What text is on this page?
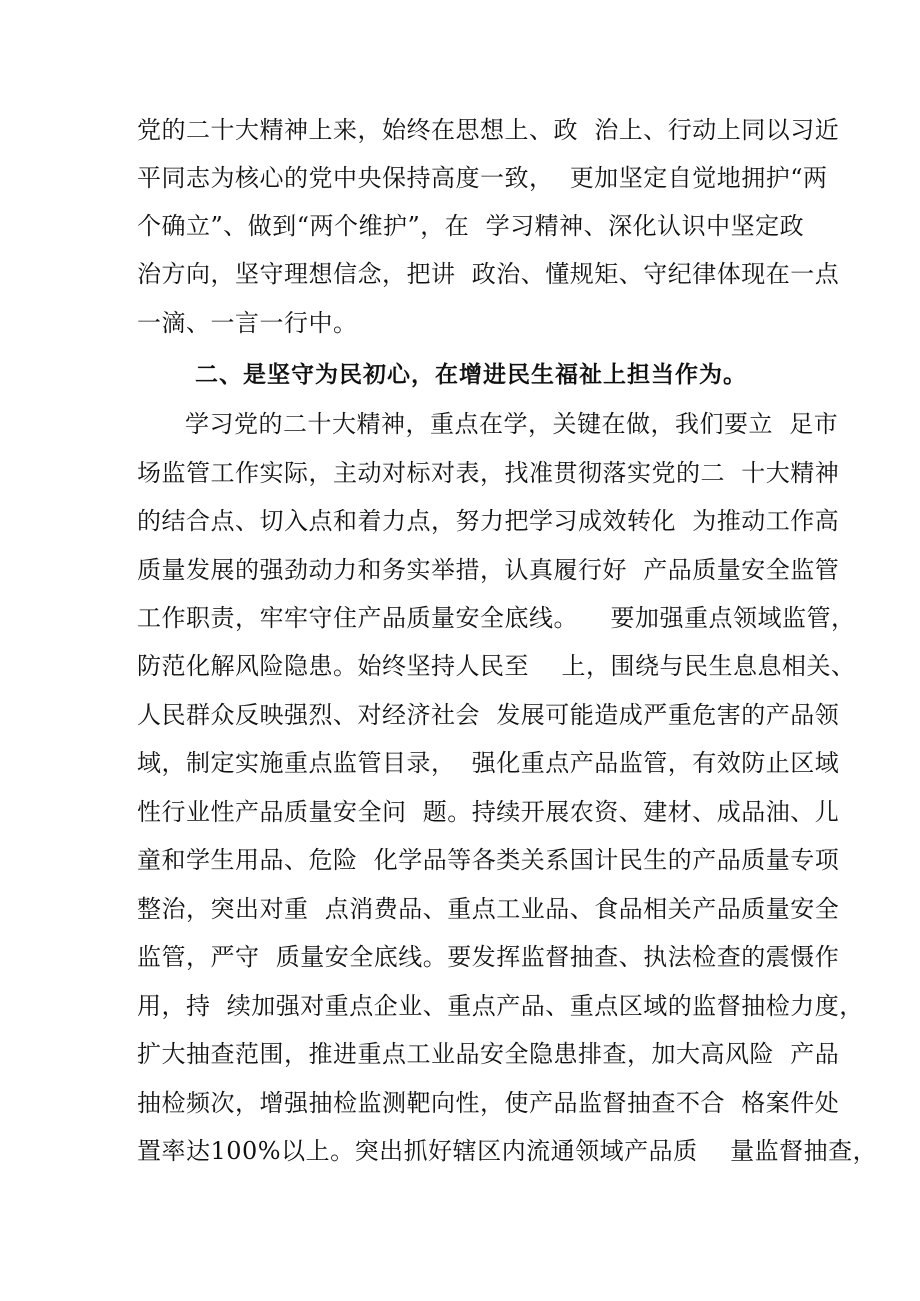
党的二十大精神上来，始终在思想上、政  治上、行动上同以习近
平同志为核心的党中央保持高度一致，  更加坚定自觉地拥护“两
个确立”、做到“两个维护”，在  学习精神、深化认识中坚定政
治方向，坚守理想信念，把讲  政治、懂规矩、守纪律体现在一点
一滴、一言一行中。
二、是坚守为民初心，在增进民生福祉上担当作为。
学习党的二十大精神，重点在学，关键在做，我们要立  足市
场监管工作实际，主动对标对表，找准贯彻落实党的二  十大精神
的结合点、切入点和着力点，努力把学习成效转化  为推动工作高
质量发展的强劲动力和务实举措，认真履行好  产品质量安全监管
工作职责，牢牢守住产品质量安全底线。    要加强重点领域监管，
防范化解风险隐患。始终坚持人民至    上，围绕与民生息息相关、
人民群众反映强烈、对经济社会  发展可能造成严重危害的产品领
域，制定实施重点监管目录，  强化重点产品监管，有效防止区域
性行业性产品质量安全问  题。持续开展农资、建材、成品油、儿
童和学生用品、危险  化学品等各类关系国计民生的产品质量专项
整治，突出对重  点消费品、重点工业品、食品相关产品质量安全
监管，严守  质量安全底线。要发挥监督抽查、执法检查的震慑作
用，持  续加强对重点企业、重点产品、重点区域的监督抽检力度，
扩大抽查范围，推进重点工业品安全隐患排查，加大高风险  产品
抽检频次，增强抽检监测靶向性，使产品监督抽查不合  格案件处
置率达100%以上。突出抓好辖区内流通领域产品质    量监督抽查，
